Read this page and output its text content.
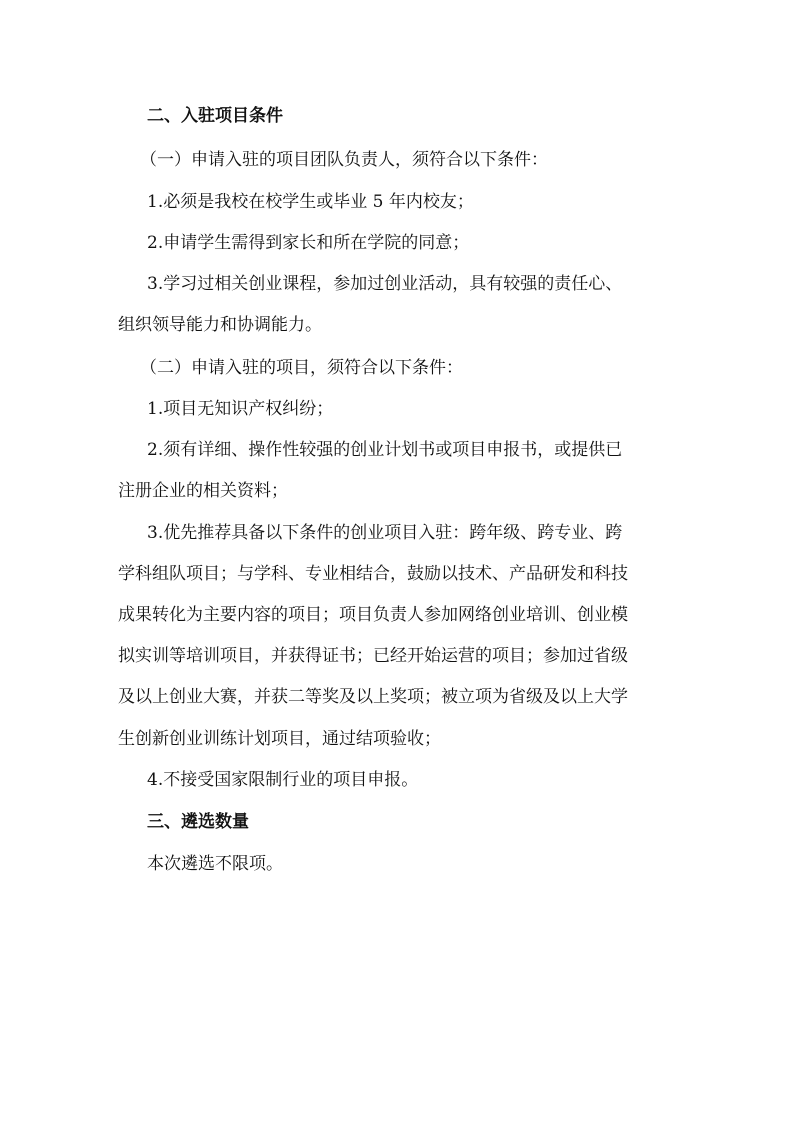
二、入驻项目条件
（一）申请入驻的项目团队负责人，须符合以下条件：
1.必须是我校在校学生或毕业 5 年内校友；
2.申请学生需得到家长和所在学院的同意；
3.学习过相关创业课程，参加过创业活动，具有较强的责任心、
组织领导能力和协调能力。
（二）申请入驻的项目，须符合以下条件：
1.项目无知识产权纠纷；
2.须有详细、操作性较强的创业计划书或项目申报书，或提供已
注册企业的相关资料；
3.优先推荐具备以下条件的创业项目入驻：跨年级、跨专业、跨
学科组队项目；与学科、专业相结合，鼓励以技术、产品研发和科技
成果转化为主要内容的项目；项目负责人参加网络创业培训、创业模
拟实训等培训项目，并获得证书；已经开始运营的项目；参加过省级
及以上创业大赛，并获二等奖及以上奖项；被立项为省级及以上大学
生创新创业训练计划项目，通过结项验收；
4.不接受国家限制行业的项目申报。
三、遴选数量
本次遴选不限项。
